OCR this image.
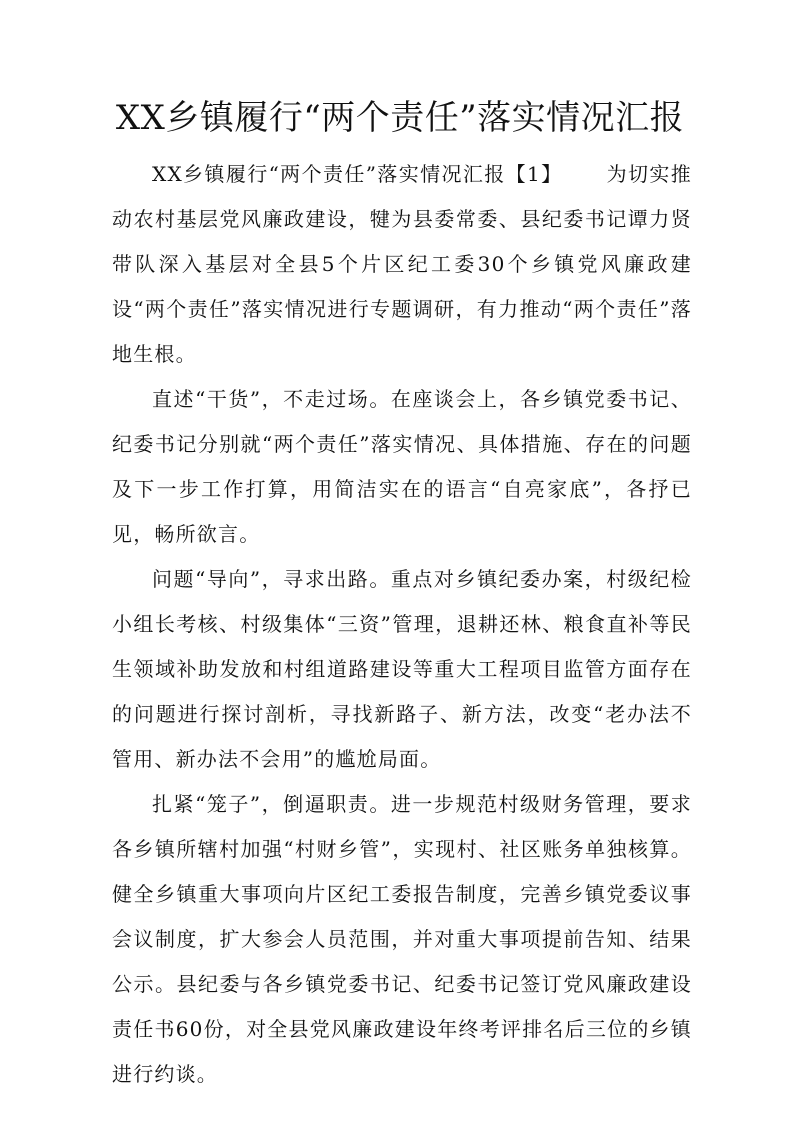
XX乡镇履行“两个责任”落实情况汇报

XX乡镇履行“两个责任”落实情况汇报【1】 为切实推动农村基层党风廉政建设，犍为县委常委、县纪委书记谭力贤带队深入基层对全县5个片区纪工委30个乡镇党风廉政建设“两个责任”落实情况进行专题调研，有力推动“两个责任”落地生根。

直述“干货”，不走过场。在座谈会上，各乡镇党委书记、纪委书记分别就“两个责任”落实情况、具体措施、存在的问题及下一步工作打算，用简洁实在的语言“自亮家底”，各抒已见，畅所欲言。

问题“导向”，寻求出路。重点对乡镇纪委办案，村级纪检小组长考核、村级集体“三资”管理，退耕还林、粮食直补等民生领域补助发放和村组道路建设等重大工程项目监管方面存在的问题进行探讨剖析，寻找新路子、新方法，改变“老办法不管用、新办法不会用”的尴尬局面。

扎紧“笼子”，倒逼职责。进一步规范村级财务管理，要求各乡镇所辖村加强“村财乡管”，实现村、社区账务单独核算。健全乡镇重大事项向片区纪工委报告制度，完善乡镇党委议事会议制度，扩大参会人员范围，并对重大事项提前告知、结果公示。县纪委与各乡镇党委书记、纪委书记签订党风廉政建设责任书60份，对全县党风廉政建设年终考评排名后三位的乡镇进行约谈。
